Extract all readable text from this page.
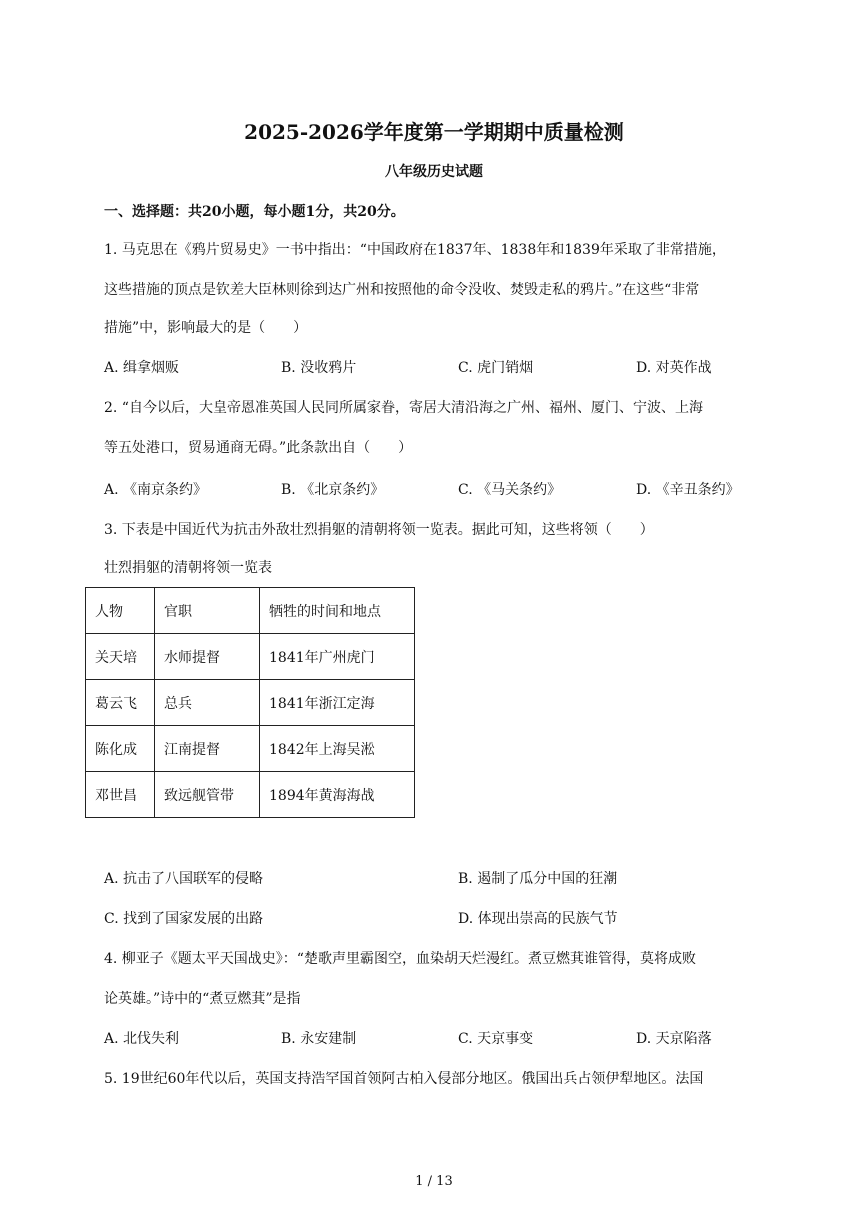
2025-2026学年度第一学期期中质量检测
八年级历史试题
一、选择题：共20小题，每小题1分，共20分。
1. 马克思在《鸦片贸易史》一书中指出：“中国政府在1837年、1838年和1839年采取了非常措施，
这些措施的顶点是钦差大臣林则徐到达广州和按照他的命令没收、焚毁走私的鸦片。”在这些“非常
措施”中，影响最大的是（　　）
A. 缉拿烟贩	B. 没收鸦片	C. 虎门销烟	D. 对英作战
2. “自今以后，大皇帝恩准英国人民同所属家眷，寄居大清沿海之广州、福州、厦门、宁波、上海
等五处港口，贸易通商无碍。”此条款出自（　　）
A. 《南京条约》	B. 《北京条约》	C. 《马关条约》	D. 《辛丑条约》
3. 下表是中国近代为抗击外敌壮烈捐躯的清朝将领一览表。据此可知，这些将领（　　）
壮烈捐躯的清朝将领一览表
人物	官职	牺牲的时间和地点
关天培	水师提督	1841年广州虎门
葛云飞	总兵	1841年浙江定海
陈化成	江南提督	1842年上海吴淞
邓世昌	致远舰管带	1894年黄海海战
A. 抗击了八国联军的侵略	B. 遏制了瓜分中国的狂潮
C. 找到了国家发展的出路	D. 体现出崇高的民族气节
4. 柳亚子《题太平天国战史》：“楚歌声里霸图空，血染胡天烂漫红。煮豆燃萁谁管得，莫将成败
论英雄。”诗中的“煮豆燃萁”是指
A. 北伐失利	B. 永安建制	C. 天京事变	D. 天京陷落
5. 19世纪60年代以后，英国支持浩罕国首领阿古柏入侵部分地区。俄国出兵占领伊犁地区。法国
1 / 13
